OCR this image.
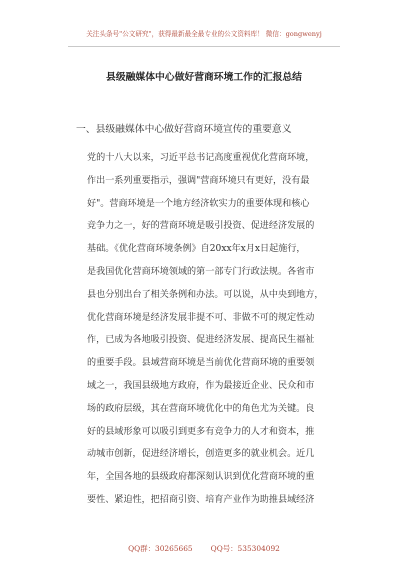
关注头条号"公文研究"，获得最新最全最专业的公文资料库！ 微信：gongwenyj
县级融媒体中心做好营商环境工作的汇报总结
一、县级融媒体中心做好营商环境宣传的重要意义
党的十八大以来，习近平总书记高度重视优化营商环境，
作出一系列重要指示，强调"营商环境只有更好，没有最
好"。营商环境是一个地方经济软实力的重要体现和核心
竞争力之一，好的营商环境是吸引投资、促进经济发展的
基础。《优化营商环境条例》自20xx年x月x日起施行，
是我国优化营商环境领域的第一部专门行政法规。各省市
县也分别出台了相关条例和办法。可以说，从中央到地方，
优化营商环境是经济发展非提不可、非做不可的规定性动
作，已成为各地吸引投资、促进经济发展、提高民生福祉
的重要手段。县域营商环境是当前优化营商环境的重要领
域之一，我国县级地方政府，作为最接近企业、民众和市
场的政府层级，其在营商环境优化中的角色尤为关键。良
好的县域形象可以吸引到更多有竞争力的人才和资本，推
动城市创新，促进经济增长，创造更多的就业机会。近几
年，全国各地的县级政府都深刻认识到优化营商环境的重
要性、紧迫性，把招商引资、培育产业作为助推县域经济
QQ群：30265665 QQ号：535304092
